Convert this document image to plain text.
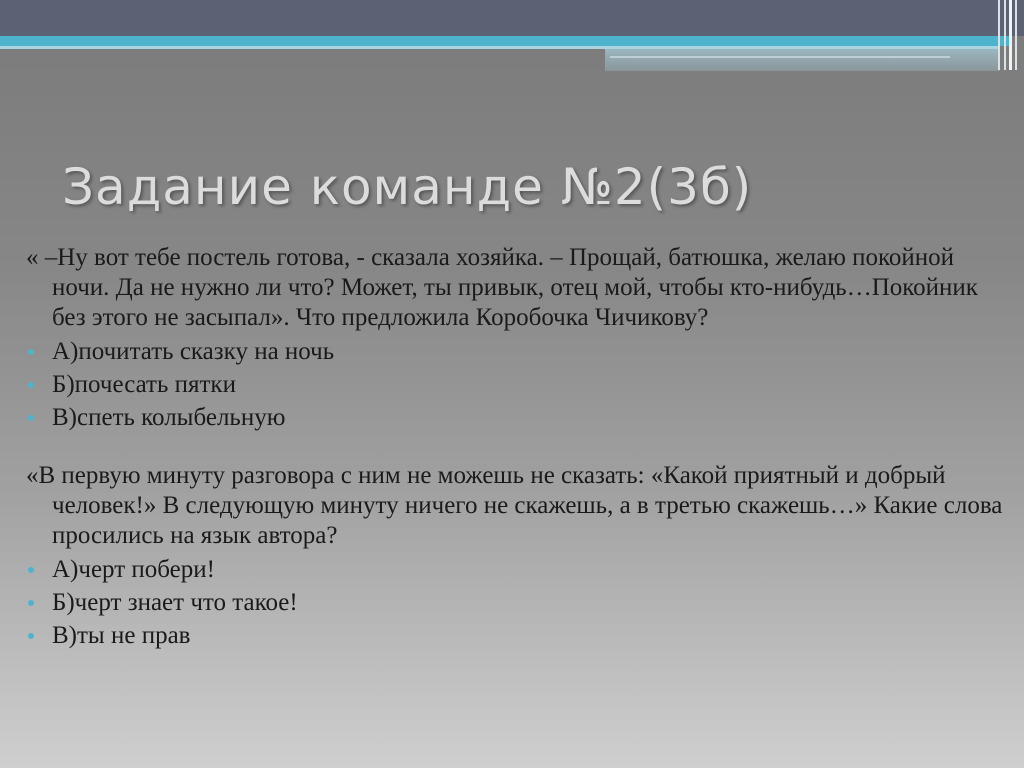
Задание команде №2(3б)

« –Ну вот тебе постель готова, - сказала хозяйка. – Прощай, батюшка, желаю покойной ночи. Да не нужно ли что? Может, ты привык, отец мой, чтобы кто-нибудь…Покойник без этого не засыпал». Что предложила Коробочка Чичикову?

А)почитать сказку на ночь
Б)почесать пятки
В)спеть колыбельную

«В первую минуту разговора с ним не можешь не сказать: «Какой приятный и добрый человек!» В следующую минуту ничего не скажешь, а в третью скажешь…» Какие слова просились на язык автора?

А)черт побери!
Б)черт знает что такое!
В)ты не прав
